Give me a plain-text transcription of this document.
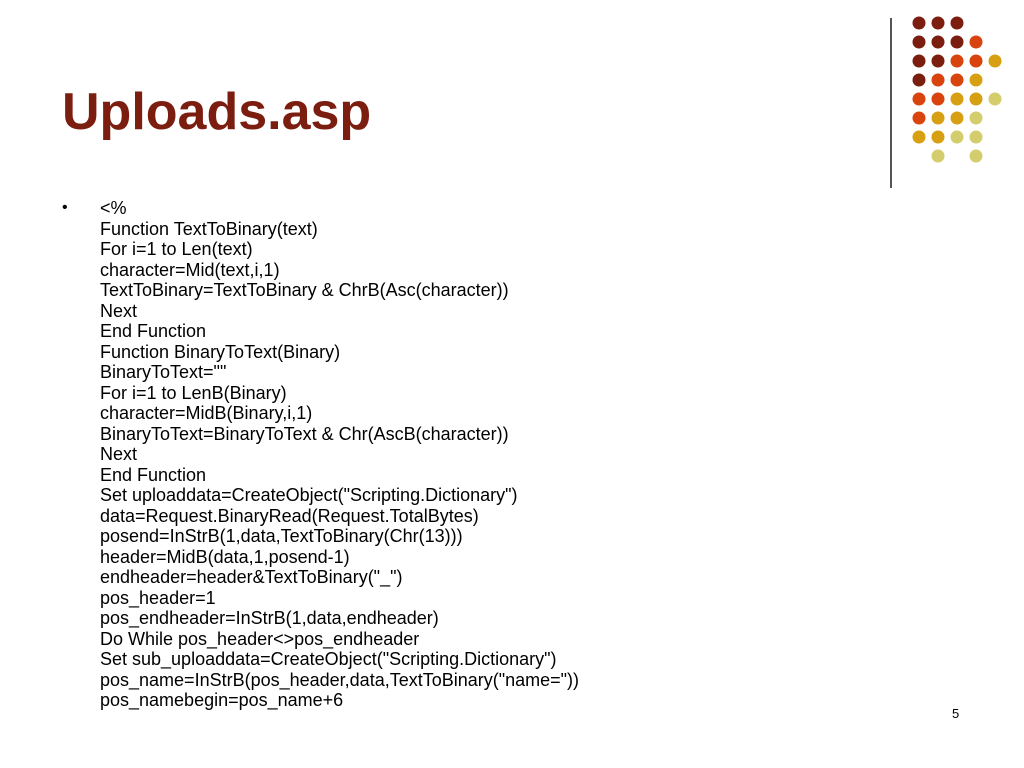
Uploads.asp
• <%
Function TextToBinary(text)
For i=1 to Len(text)
character=Mid(text,i,1)
TextToBinary=TextToBinary & ChrB(Asc(character))
Next
End Function
Function BinaryToText(Binary)
BinaryToText=""
For i=1 to LenB(Binary)
character=MidB(Binary,i,1)
BinaryToText=BinaryToText & Chr(AscB(character))
Next
End Function
Set uploaddata=CreateObject("Scripting.Dictionary")
data=Request.BinaryRead(Request.TotalBytes)
posend=InStrB(1,data,TextToBinary(Chr(13)))
header=MidB(data,1,posend-1)
endheader=header&TextToBinary("_")
pos_header=1
pos_endheader=InStrB(1,data,endheader)
Do While pos_header<>pos_endheader
Set sub_uploaddata=CreateObject("Scripting.Dictionary")
pos_name=InStrB(pos_header,data,TextToBinary("name="))
pos_namebegin=pos_name+6
5
